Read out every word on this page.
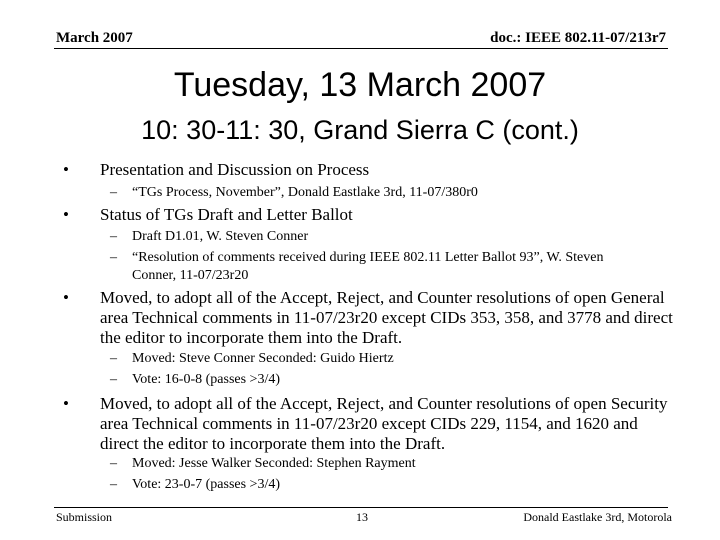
March 2007	doc.: IEEE 802.11-07/213r7
Tuesday, 13 March 2007
10: 30-11: 30, Grand Sierra C (cont.)
• Presentation and Discussion on Process
– “TGs Process, November”, Donald Eastlake 3rd, 11-07/380r0
• Status of TGs Draft and Letter Ballot
– Draft D1.01, W. Steven Conner
– “Resolution of comments received during IEEE 802.11 Letter Ballot 93”, W. Steven Conner, 11-07/23r20
• Moved, to adopt all of the Accept, Reject, and Counter resolutions of open General area Technical comments in 11-07/23r20 except CIDs 353, 358, and 3778 and direct the editor to incorporate them into the Draft.
– Moved: Steve Conner Seconded: Guido Hiertz
– Vote: 16-0-8 (passes >3/4)
• Moved, to adopt all of the Accept, Reject, and Counter resolutions of open Security area Technical comments in 11-07/23r20 except CIDs 229, 1154, and 1620 and direct the editor to incorporate them into the Draft.
– Moved: Jesse Walker Seconded: Stephen Rayment
– Vote: 23-0-7 (passes >3/4)
Submission	13	Donald Eastlake 3rd, Motorola
